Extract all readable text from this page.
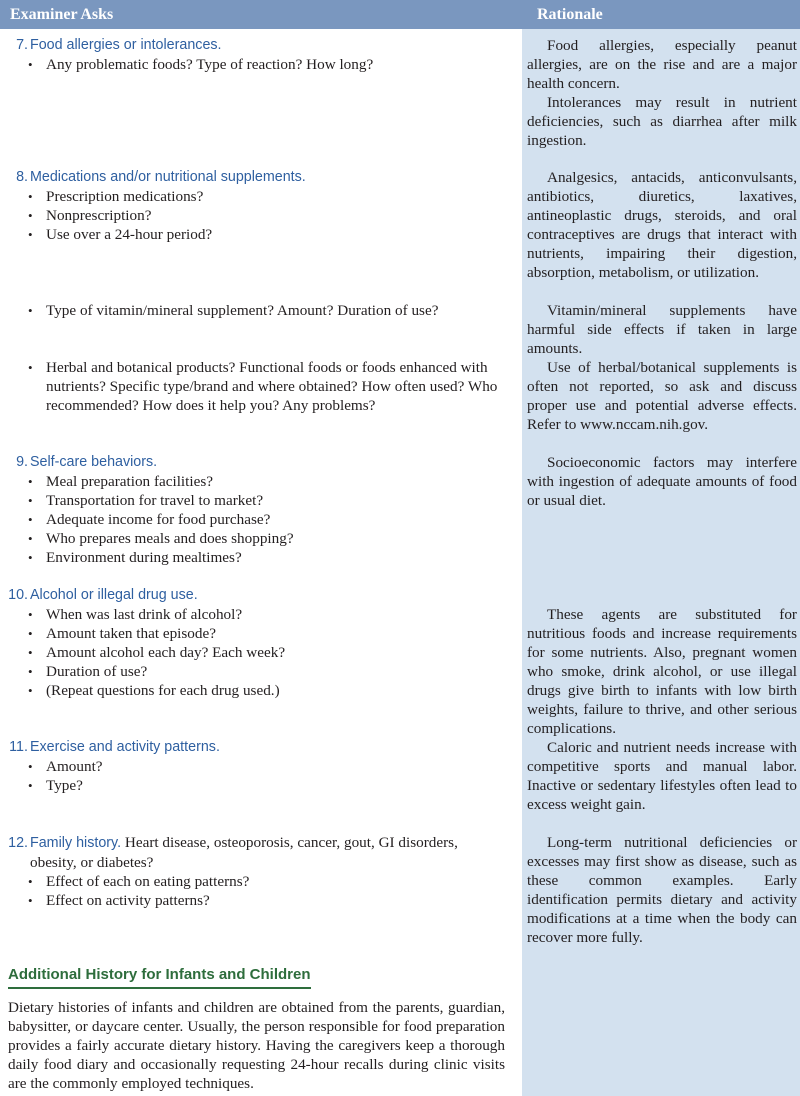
Examiner Asks	Rationale
7. Food allergies or intolerances.
• Any problematic foods? Type of reaction? How long?

Food allergies, especially peanut allergies, are on the rise and are a major health concern.

Intolerances may result in nutrient deficiencies, such as diarrhea after milk ingestion.

8. Medications and/or nutritional supplements.
• Prescription medications?
• Nonprescription?
• Use over a 24-hour period?

Analgesics, antacids, anticonvulsants, antibiotics, diuretics, laxatives, antineoplastic drugs, steroids, and oral contraceptives are drugs that interact with nutrients, impairing their digestion, absorption, metabolism, or utilization.

• Type of vitamin/mineral supplement? Amount? Duration of use?	Vitamin/mineral supplements have harmful side effects if taken in large amounts.

• Herbal and botanical products? Functional foods or foods enhanced with nutrients? Specific type/brand and where obtained? How often used? Who recommended? How does it help you? Any problems?

Use of herbal/botanical supplements is often not reported, so ask and discuss proper use and potential adverse effects. Refer to www.nccam.nih.gov.

9. Self-care behaviors.
• Meal preparation facilities?
• Transportation for travel to market?
• Adequate income for food purchase?
• Who prepares meals and does shopping?
• Environment during mealtimes?

Socioeconomic factors may interfere with ingestion of adequate amounts of food or usual diet.

10. Alcohol or illegal drug use.
• When was last drink of alcohol?
• Amount taken that episode?
• Amount alcohol each day? Each week?
• Duration of use?
• (Repeat questions for each drug used.)

These agents are substituted for nutritious foods and increase requirements for some nutrients. Also, pregnant women who smoke, drink alcohol, or use illegal drugs give birth to infants with low birth weights, failure to thrive, and other serious complications.

11. Exercise and activity patterns.
• Amount?
• Type?

Caloric and nutrient needs increase with competitive sports and manual labor. Inactive or sedentary lifestyles often lead to excess weight gain.

12. Family history. Heart disease, osteoporosis, cancer, gout, GI disorders,
obesity, or diabetes?
• Effect of each on eating patterns?
• Effect on activity patterns?

Long-term nutritional deficiencies or excesses may first show as disease, such as these common examples. Early identification permits dietary and activity modifications at a time when the body can recover more fully.

Additional History for Infants and Children
Dietary histories of infants and children are obtained from the parents, guardian, babysitter, or daycare center. Usually, the person responsible for food preparation provides a fairly accurate dietary history. Having the caregivers keep a thorough daily food diary and occasionally requesting 24-hour recalls during clinic visits are the commonly employed techniques.
